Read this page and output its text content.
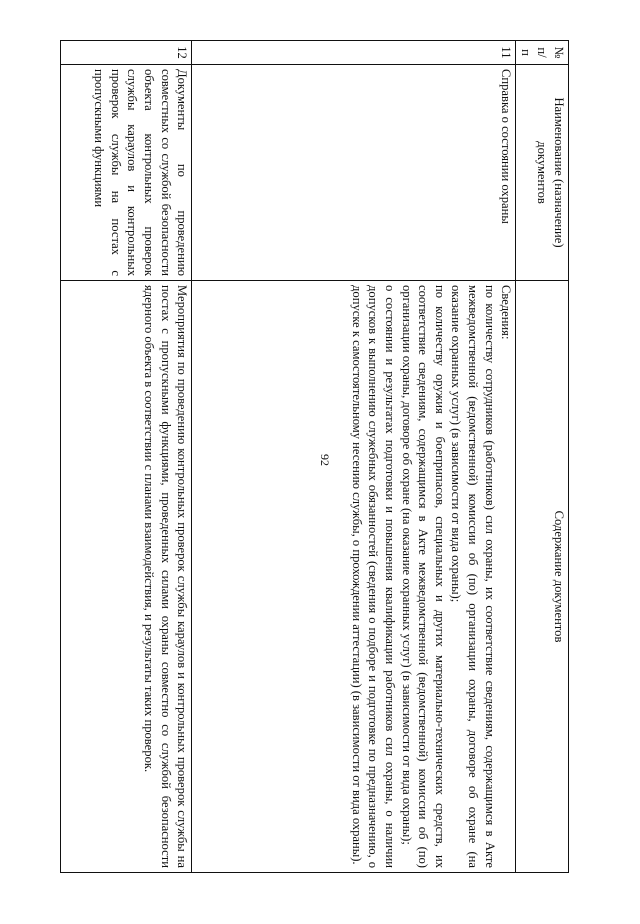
92
№ п/п	Наименование (назначение) документов	Содержание документов
11	Справка о состоянии охраны	Сведения:

по количеству сотрудников (работников) сил охраны, их соответствие сведениям, содержащимся в Акте межведомственной (ведомственной) комиссии об (по) организации охраны, договоре об охране (на оказание охранных услуг) (в зависимости от вида охраны);

по количеству оружия и боеприпасов, специальных и других материально-технических средств, их соответствие сведениям, содержащимся в Акте межведомственной (ведомственной) комиссии об (по) организации охраны, договоре об охране (на оказание охранных услуг) (в зависимости от вида охраны);

о состоянии и результатах подготовки и повышения квалификации работников сил охраны, о наличии допусков к выполнению служебных обязанностей (сведения о подборе и подготовке по предназначению, о допуске к самостоятельному несению службы, о прохождении аттестации) (в зависимости от вида охраны).

12	Документы по проведению совместных со службой безопасности объекта контрольных проверок службы караулов и контрольных проверок службы на постах с пропускными функциями	Мероприятия по проведению контрольных проверок службы караулов и контрольных проверок службы на постах с пропускными функциями, проведенных силами охраны совместно со службой безопасности ядерного объекта в соответствии с планами взаимодействия, и результаты таких проверок.
